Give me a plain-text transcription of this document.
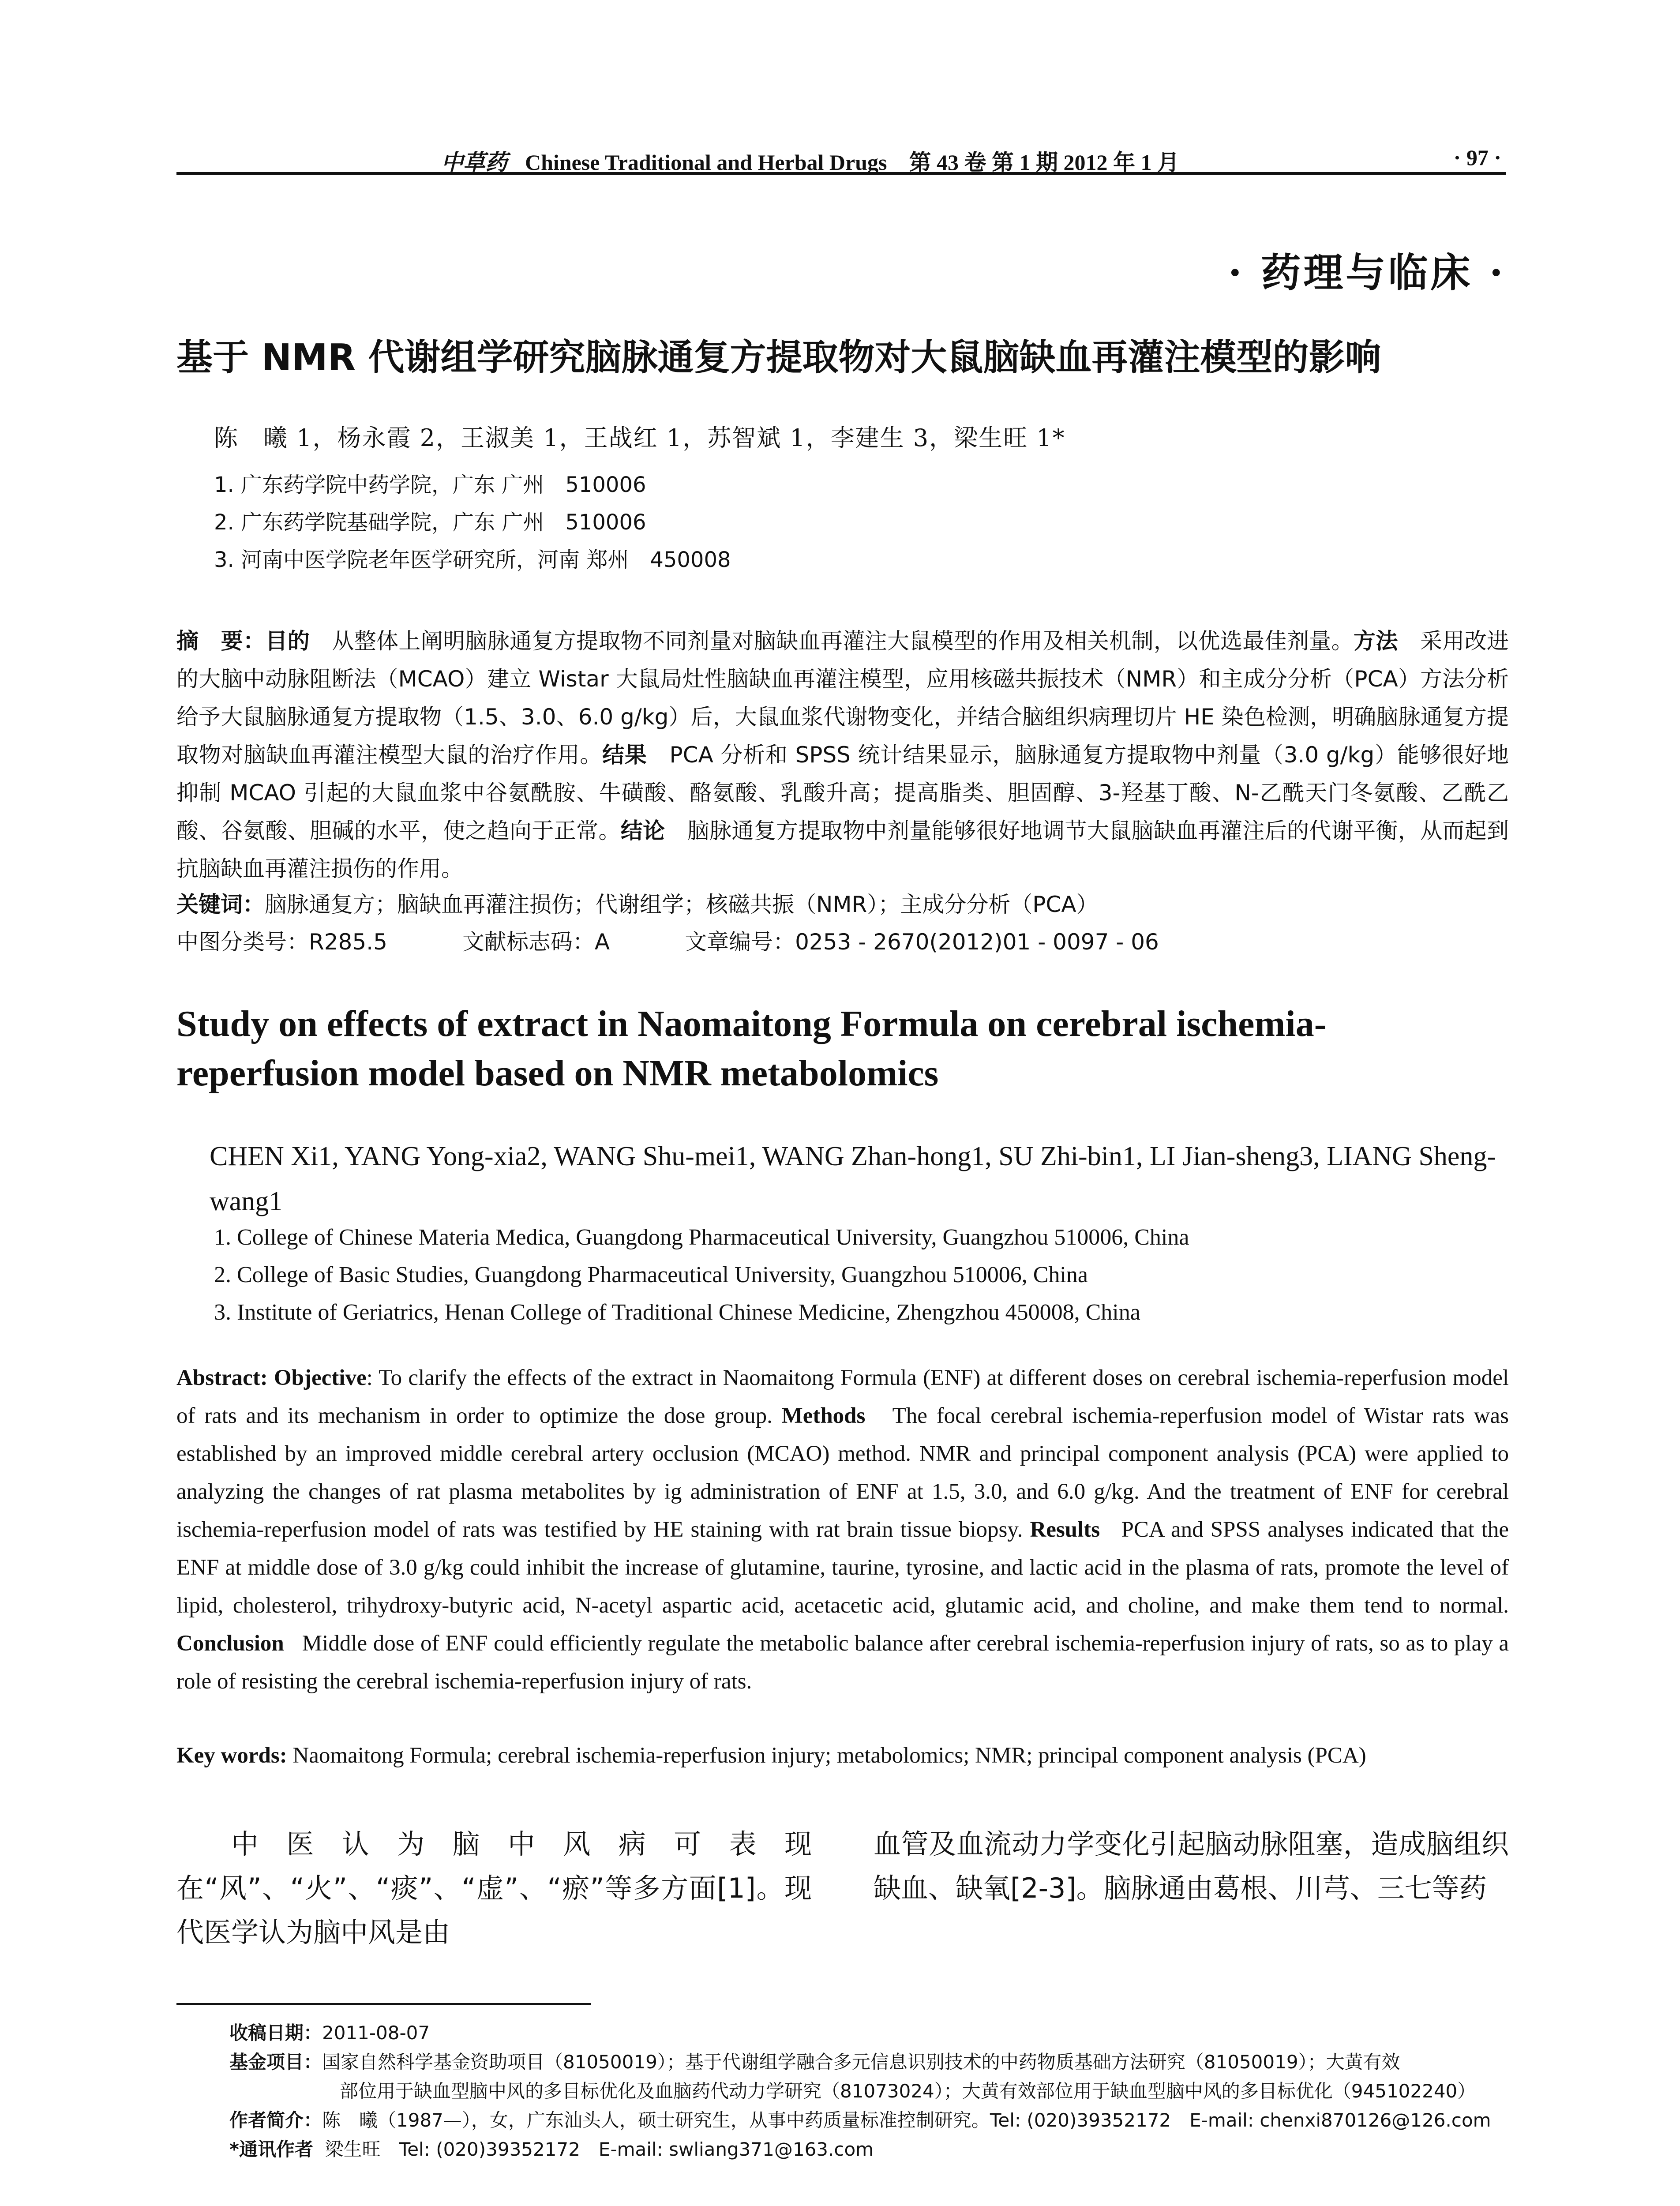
中草药 Chinese Traditional and Herbal Drugs　第 43 卷 第 1 期 2012 年 1 月	· 97 ·
· 药理与临床 ·
基于 NMR 代谢组学研究脑脉通复方提取物对大鼠脑缺血再灌注模型的影响
陈　曦 1，杨永霞 2，王淑美 1，王战红 1，苏智斌 1，李建生 3，梁生旺 1*
1. 广东药学院中药学院，广东 广州　510006
2. 广东药学院基础学院，广东 广州　510006
3. 河南中医学院老年医学研究所，河南 郑州　450008
摘　要：目的　 从整体上阐明脑脉通复方提取物不同剂量对脑缺血再灌注大鼠模型的作用及相关机制，以优选最佳剂量。方法　 采用改进的大脑中动脉阻断法（MCAO）建立 Wistar 大鼠局灶性脑缺血再灌注模型，应用核磁共振技术（NMR）和主成分分析（PCA）方法分析给予大鼠脑脉通复方提取物（1.5、3.0、6.0 g/kg）后，大鼠血浆代谢物变化，并结合脑组织病理切片 HE 染色检测，明确脑脉通复方提取物对脑缺血再灌注模型大鼠的治疗作用。结果　 PCA 分析和 SPSS 统计结果显示，脑脉通复方提取物中剂量（3.0 g/kg）能够很好地抑制 MCAO 引起的大鼠血浆中谷氨酰胺、牛磺酸、酪氨酸、乳酸升高；提高脂类、胆固醇、3-羟基丁酸、N-乙酰天门冬氨酸、乙酰乙酸、谷氨酸、胆碱的水平，使之趋向于正常。结论　 脑脉通复方提取物中剂量能够很好地调节大鼠脑缺血再灌注后的代谢平衡，从而起到抗脑缺血再灌注损伤的作用。
关键词：脑脉通复方；脑缺血再灌注损伤；代谢组学；核磁共振（NMR）；主成分分析（PCA）
中图分类号：R285.5	文献标志码：A	文章编号：0253 - 2670(2012)01 - 0097 - 06
Study on effects of extract in Naomaitong Formula on cerebral ischemia-reperfusion model based on NMR metabolomics
CHEN Xi1, YANG Yong-xia2, WANG Shu-mei1, WANG Zhan-hong1, SU Zhi-bin1, LI Jian-sheng3, LIANG Sheng-wang1
1. College of Chinese Materia Medica, Guangdong Pharmaceutical University, Guangzhou 510006, China
2. College of Basic Studies, Guangdong Pharmaceutical University, Guangzhou 510006, China
3. Institute of Geriatrics, Henan College of Traditional Chinese Medicine, Zhengzhou 450008, China
Abstract: Objective: To clarify the effects of the extract in Naomaitong Formula (ENF) at different doses on cerebral ischemia-reperfusion model of rats and its mechanism in order to optimize the dose group. Methods The focal cerebral ischemia-reperfusion model of Wistar rats was established by an improved middle cerebral artery occlusion (MCAO) method. NMR and principal component analysis (PCA) were applied to analyzing the changes of rat plasma metabolites by ig administration of ENF at 1.5, 3.0, and 6.0 g/kg. And the treatment of ENF for cerebral ischemia-reperfusion model of rats was testified by HE staining with rat brain tissue biopsy. Results PCA and SPSS analyses indicated that the ENF at middle dose of 3.0 g/kg could inhibit the increase of glutamine, taurine, tyrosine, and lactic acid in the plasma of rats, promote the level of lipid, cholesterol, trihydroxy-butyric acid, N-acetyl aspartic acid, acetacetic acid, glutamic acid, and choline, and make them tend to normal. Conclusion Middle dose of ENF could efficiently regulate the metabolic balance after cerebral ischemia-reperfusion injury of rats, so as to play a role of resisting the cerebral ischemia-reperfusion injury of rats.
Key words: Naomaitong Formula; cerebral ischemia-reperfusion injury; metabolomics; NMR; principal component analysis (PCA)
中医认为脑中风病可表现在“风”、“火”、“痰”、“虚”、“瘀”等多方面[1]。现代医学认为脑中风是由
血管及血流动力学变化引起脑动脉阻塞，造成脑组织缺血、缺氧[2-3]。脑脉通由葛根、川芎、三七等药
收稿日期： 2011-08-07
基金项目： 国家自然科学基金资助项目（81050019）；基于代谢组学融合多元信息识别技术的中药物质基础方法研究（81050019）；大黄有效
部位用于缺血型脑中风的多目标优化及血脑药代动力学研究（81073024）；大黄有效部位用于缺血型脑中风的多目标优化（945102240）
作者简介： 陈　曦（1987—），女，广东汕头人，硕士研究生，从事中药质量标准控制研究。Tel: (020)39352172　E-mail: chenxi870126@126.com
*通讯作者
梁生旺　Tel: (020)39352172　E-mail: swliang371@163.com
